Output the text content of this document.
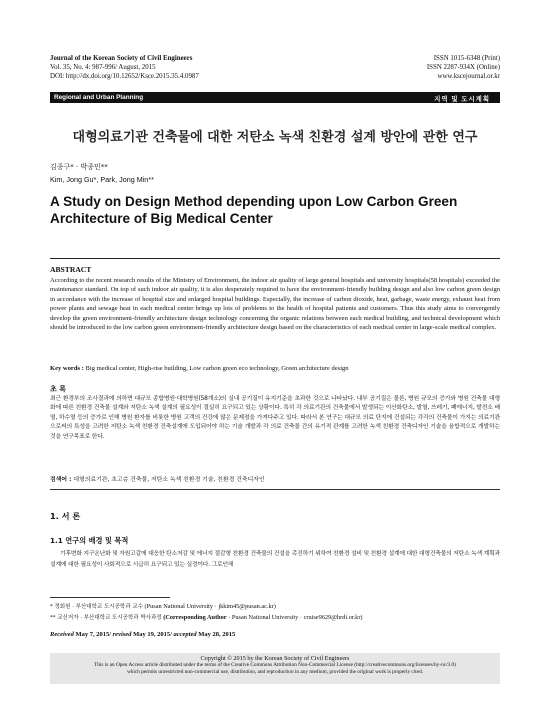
Journal of the Korean Society of Civil Engineers
Vol. 35, No. 4: 987-996/ August, 2015
DOI: http://dx.doi.org/10.12652/Ksce.2015.35.4.0987
ISSN 1015-6348 (Print)
ISSN 2287-934X (Online)
www.kscejournal.or.kr
Regional and Urban Planning	지역 및 도시계획
대형의료기관 건축물에 대한 저탄소 녹색 친환경 설계 방안에 관한 연구
김종구* · 박종민**
Kim, Jong Gu*, Park, Jong Min**
A Study on Design Method depending upon Low Carbon Green
Architecture of Big Medical Center
ABSTRACT
According to the recent research results of the Ministry of Environment, the indoor air quality of large general hospitals and university hospitals(58 hospitals) exceeded the maintenance standard. On top of such indoor air quality, it is also desperately required to have the environment-friendly building design and also low carbon green design in accordance with the increase of hospital size and enlarged hospital buildings. Especially, the increase of carbon dioxide, heat, garbage, waste energy, exhaust heat from power plants and sewage heat in each medical center brings up lots of problems to the health of hospital patients and customers. Thus this study aims to convergently develop the green environment-friendly architecture design technology concerning the organic relations between each medical building, and technical development which should be introduced to the low carbon green environment-friendly architecture design based on the characteristics of each medical center in large-scale medical complex.
Key words : Big medical center, High-rise building, Low carbon green eco technology, Green architecture design
초 록
최근 환경부의 조사결과에 의하면 대규모 종합병원·대학병원(58개소)의 실내 공기질이 유지기준을 초과한 것으로 나타났다. 내부 공기질은 물론, 병원 규모의 증가와 병원 건축물 대형화에 따른 친환경 건축물 설계와 저탄소 녹색 설계의 필요성이 절실히 요구되고 있는 상황이다. 특히 각 의료기관의 건축물에서 발생되는 이산화탄소, 발열, 쓰레기, 폐에너지, 발전소 배열, 하수열 등의 증가로 인해 병원 환자를 비롯한 병원 고객의 건강에 많은 문제점을 가져다주고 있다. 따라서 본 연구는 대규모 의료 단지에 건설되는 각각의 건축물이 가지는 의료기관으로써의 특성을 고려한 저탄소 녹색 친환경 건축설계에 도입되어야 하는 기술 개발과 각 의료 건축물 간의 유기적 관계를 고려한 녹색 친환경 건축디자인 기술을 융합적으로 개발하는 것을 연구목표로 한다.
검색어 : 대형의료기관, 초고층 건축물, 저탄소 녹색 친환경 기술, 친환경 건축디자인
1. 서 론
1.1 연구의 배경 및 목적
기후변화 지구온난화 및 자원고갈에 대응한 탄소저감 및 에너지 절감형 친환경 건축물의 건설을 촉진하기 위하여 친환경 설비 및 친환경 설계에 대한 대형건축물의 저탄소 녹색 계획과 설계에 대한 필요성이 사회적으로 시급히 요구되고 있는 실정이다. 그로인해
* 정회원 · 부산대학교 도시공학과 교수 (Pusan National University · jkkim45@pusan.ac.kr)
** 교신저자 · 부산대학교 도시공학과 박사과정 (Corresponding Author · Pusan National University · cruise9629@hrdi.or.kr)
Received May 7, 2015/ revised May 19, 2015/ accepted May 28, 2015
Copyright © 2015 by the Korean Society of Civil Engineers
This is an Open Access article distributed under the terms of the Creative Commons Attribution Non-Commercial License (http://creativecommons.org/licenses/by-nc/3.0)
which permits unrestricted non-commercial use, distribution, and reproduction in any medium, provided the original work is properly cited.
